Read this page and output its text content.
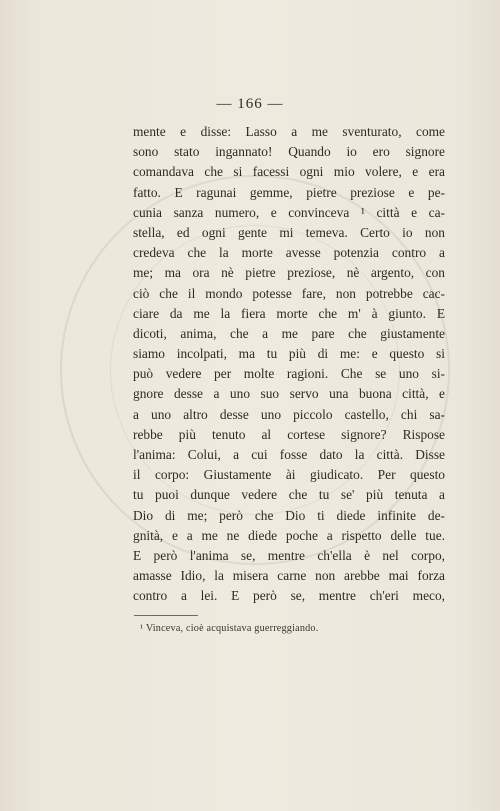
— 166 —
mente e disse: Lasso a me sventurato, come
sono stato ingannato! Quando io ero signore
comandava che si facessi ogni mio volere, e era
fatto. E ragunai gemme, pietre preziose e pe-
cunia sanza numero, e convinceva ¹ città e ca-
stella, ed ogni gente mi temeva. Certo io non
credeva che la morte avesse potenzia contro a
me; ma ora nè pietre preziose, nè argento, con
ciò che il mondo potesse fare, non potrebbe cac-
ciare da me la fiera morte che m' à giunto. E
dicoti, anima, che a me pare che giustamente
siamo incolpati, ma tu più di me: e questo si
può vedere per molte ragioni. Che se uno si-
gnore desse a uno suo servo una buona città, e
a uno altro desse uno piccolo castello, chi sa-
rebbe più tenuto al cortese signore? Rispose
l'anima: Colui, a cui fosse dato la città. Disse
il corpo: Giustamente ài giudicato. Per questo
tu puoi dunque vedere che tu se' più tenuta a
Dio di me; però che Dio ti diede infinite de-
gnità, e a me ne diede poche a rispetto delle tue.
E però l'anima se, mentre ch'ella è nel corpo,
amasse Idio, la misera carne non arebbe mai forza
contro a lei. E però se, mentre ch'eri meco,
¹ Vinceva, cioè acquistava guerreggiando.
